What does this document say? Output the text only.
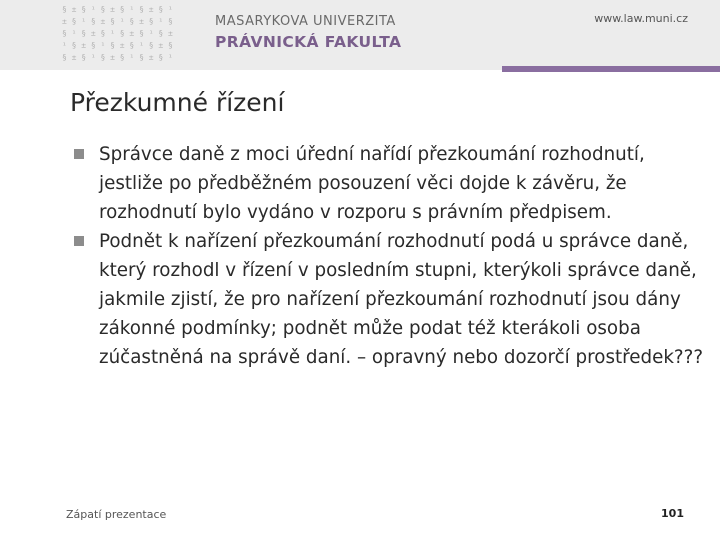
§ ± § ¹ § ± § ¹ § ± § ¹
± § ¹ § ± § ¹ § ± § ¹ §
§ ¹ § ± § ¹ § ± § ¹ § ±
¹ § ± § ¹ § ± § ¹ § ± §
§ ± § ¹ § ± § ¹ § ± § ¹
MASARYKOVA UNIVERZITA
PRÁVNICKÁ FAKULTA
www.law.muni.cz
Přezkumné řízení
Správce daně z moci úřední nařídí přezkoumání rozhodnutí, jestliže po předběžném posouzení věci dojde k závěru, že rozhodnutí bylo vydáno v rozporu s právním předpisem.
Podnět k nařízení přezkoumání rozhodnutí podá u správce daně, který rozhodl v řízení v posledním stupni, kterýkoli správce daně, jakmile zjistí, že pro nařízení přezkoumání rozhodnutí jsou dány zákonné podmínky; podnět může podat též kterákoli osoba zúčastněná na správě daní. – opravný nebo dozorčí prostředek???
Zápatí prezentace	101
